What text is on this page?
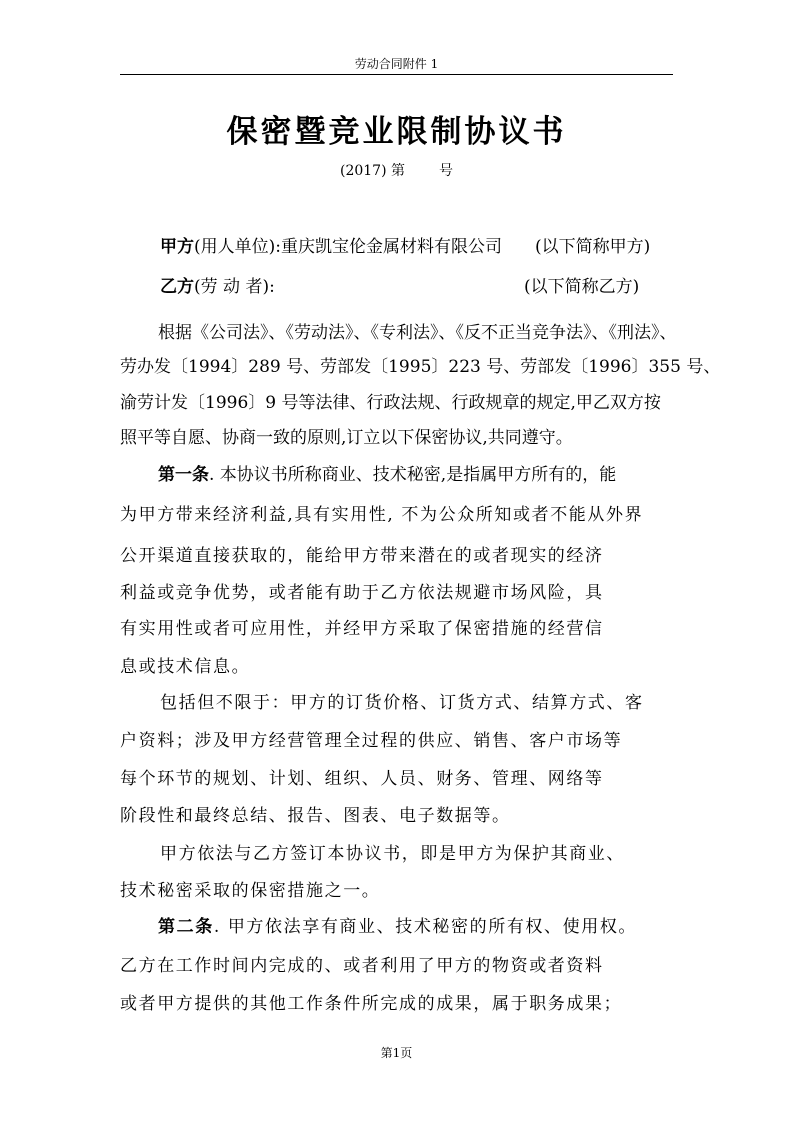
劳动合同附件 1
保密暨竞业限制协议书
(2017) 第 号
甲方(用人单位):重庆凯宝伦金属材料有限公司 (以下简称甲方)
乙方(劳 动 者):	(以下简称乙方)
根据《公司法》、《劳动法》、《专利法》、《反不正当竞争法》、《刑法》、
劳办发〔1994〕289 号、劳部发〔1995〕223 号、劳部发〔1996〕355 号、
渝劳计发〔1996〕9 号等法律、行政法规、行政规章的规定,甲乙双方按
照平等自愿、协商一致的原则,订立以下保密协议,共同遵守。
第一条. 本协议书所称商业、技术秘密,是指属甲方所有的，能
为甲方带来经济利益,具有实用性, 不为公众所知或者不能从外界
公开渠道直接获取的，能给甲方带来潜在的或者现实的经济
利益或竞争优势，或者能有助于乙方依法规避市场风险，具
有实用性或者可应用性，并经甲方采取了保密措施的经营信
息或技术信息。
包括但不限于：甲方的订货价格、订货方式、结算方式、客
户资料；涉及甲方经营管理全过程的供应、销售、客户市场等
每个环节的规划、计划、组织、人员、财务、管理、网络等
阶段性和最终总结、报告、图表、电子数据等。
甲方依法与乙方签订本协议书，即是甲方为保护其商业、
技术秘密采取的保密措施之一。
第二条. 甲方依法享有商业、技术秘密的所有权、使用权。
乙方在工作时间内完成的、或者利用了甲方的物资或者资料
或者甲方提供的其他工作条件所完成的成果，属于职务成果；
第1页
